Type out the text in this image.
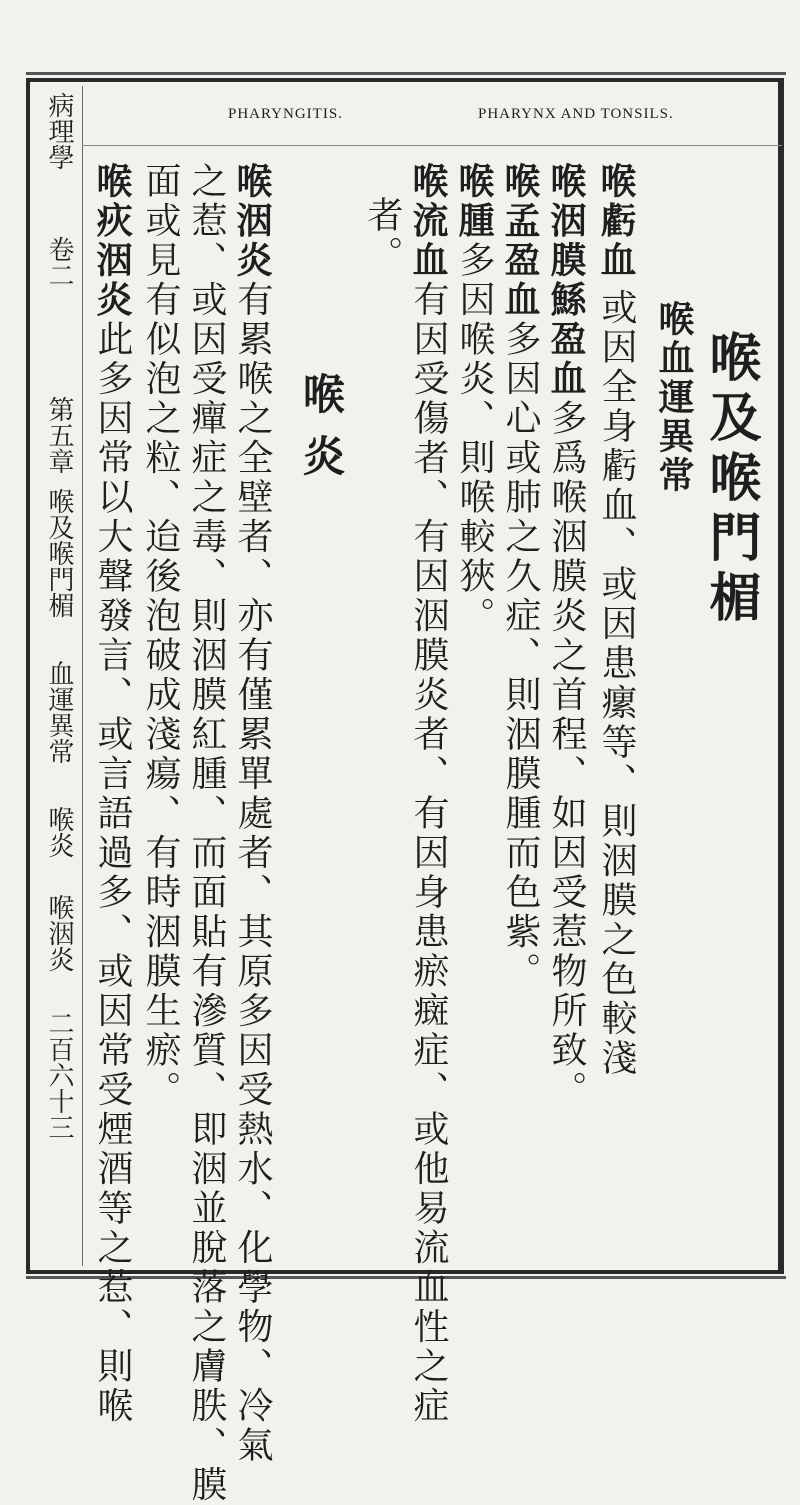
病理學
卷二
第五章
喉及喉門楣
血運異常
喉炎
喉洇炎
二百六十三
PHARYNGITIS.	PHARYNX AND TONSILS.
喉及喉門楣
喉血運異常
喉虧血或因全身虧血、或因患瘰等、則洇膜之色較淺
喉洇膜鯀盈血多爲喉洇膜炎之首程、如因受惹物所致。
喉孟盈血多因心或肺之久症、則洇膜腫而色紫。
喉腫多因喉炎、則喉較狹。
喉流血有因受傷者、有因洇膜炎者、有因身患瘀癍症、或他易流血性之症
者。
喉炎
喉洇炎有累喉之全壁者、亦有僅累單處者、其原多因受熱水、化學物、冷氣
之惹、或因受癉症之毒、則洇膜紅腫、而面貼有滲質、即洇並脫落之膚胅、膜
面或見有似泡之粒、迨後泡破成淺瘍、有時洇膜生瘀。
喉疢洇炎此多因常以大聲發言、或言語過多、或因常受煙酒等之惹、則喉
